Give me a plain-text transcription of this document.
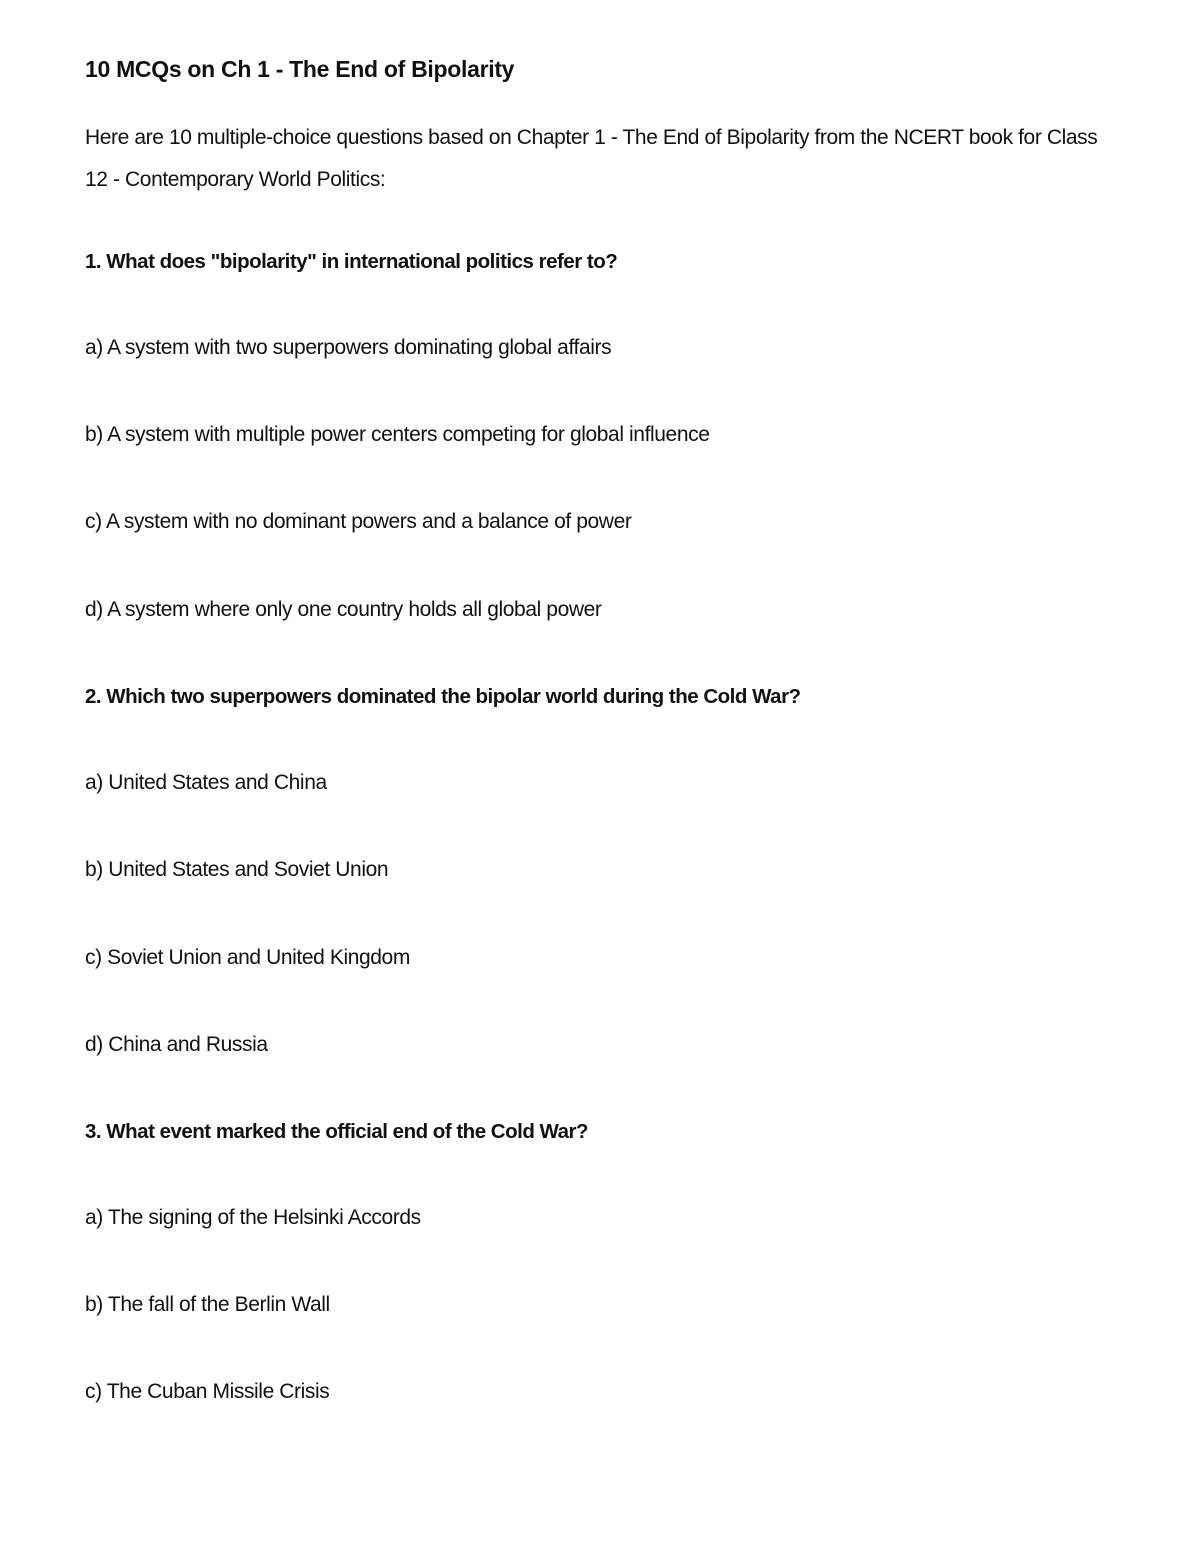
10 MCQs on Ch 1 - The End of Bipolarity

Here are 10 multiple-choice questions based on Chapter 1 - The End of Bipolarity from the NCERT book for Class 12 - Contemporary World Politics:

1. What does "bipolarity" in international politics refer to?

a) A system with two superpowers dominating global affairs

b) A system with multiple power centers competing for global influence

c) A system with no dominant powers and a balance of power

d) A system where only one country holds all global power

2. Which two superpowers dominated the bipolar world during the Cold War?

a) United States and China

b) United States and Soviet Union

c) Soviet Union and United Kingdom

d) China and Russia

3. What event marked the official end of the Cold War?

a) The signing of the Helsinki Accords

b) The fall of the Berlin Wall

c) The Cuban Missile Crisis
